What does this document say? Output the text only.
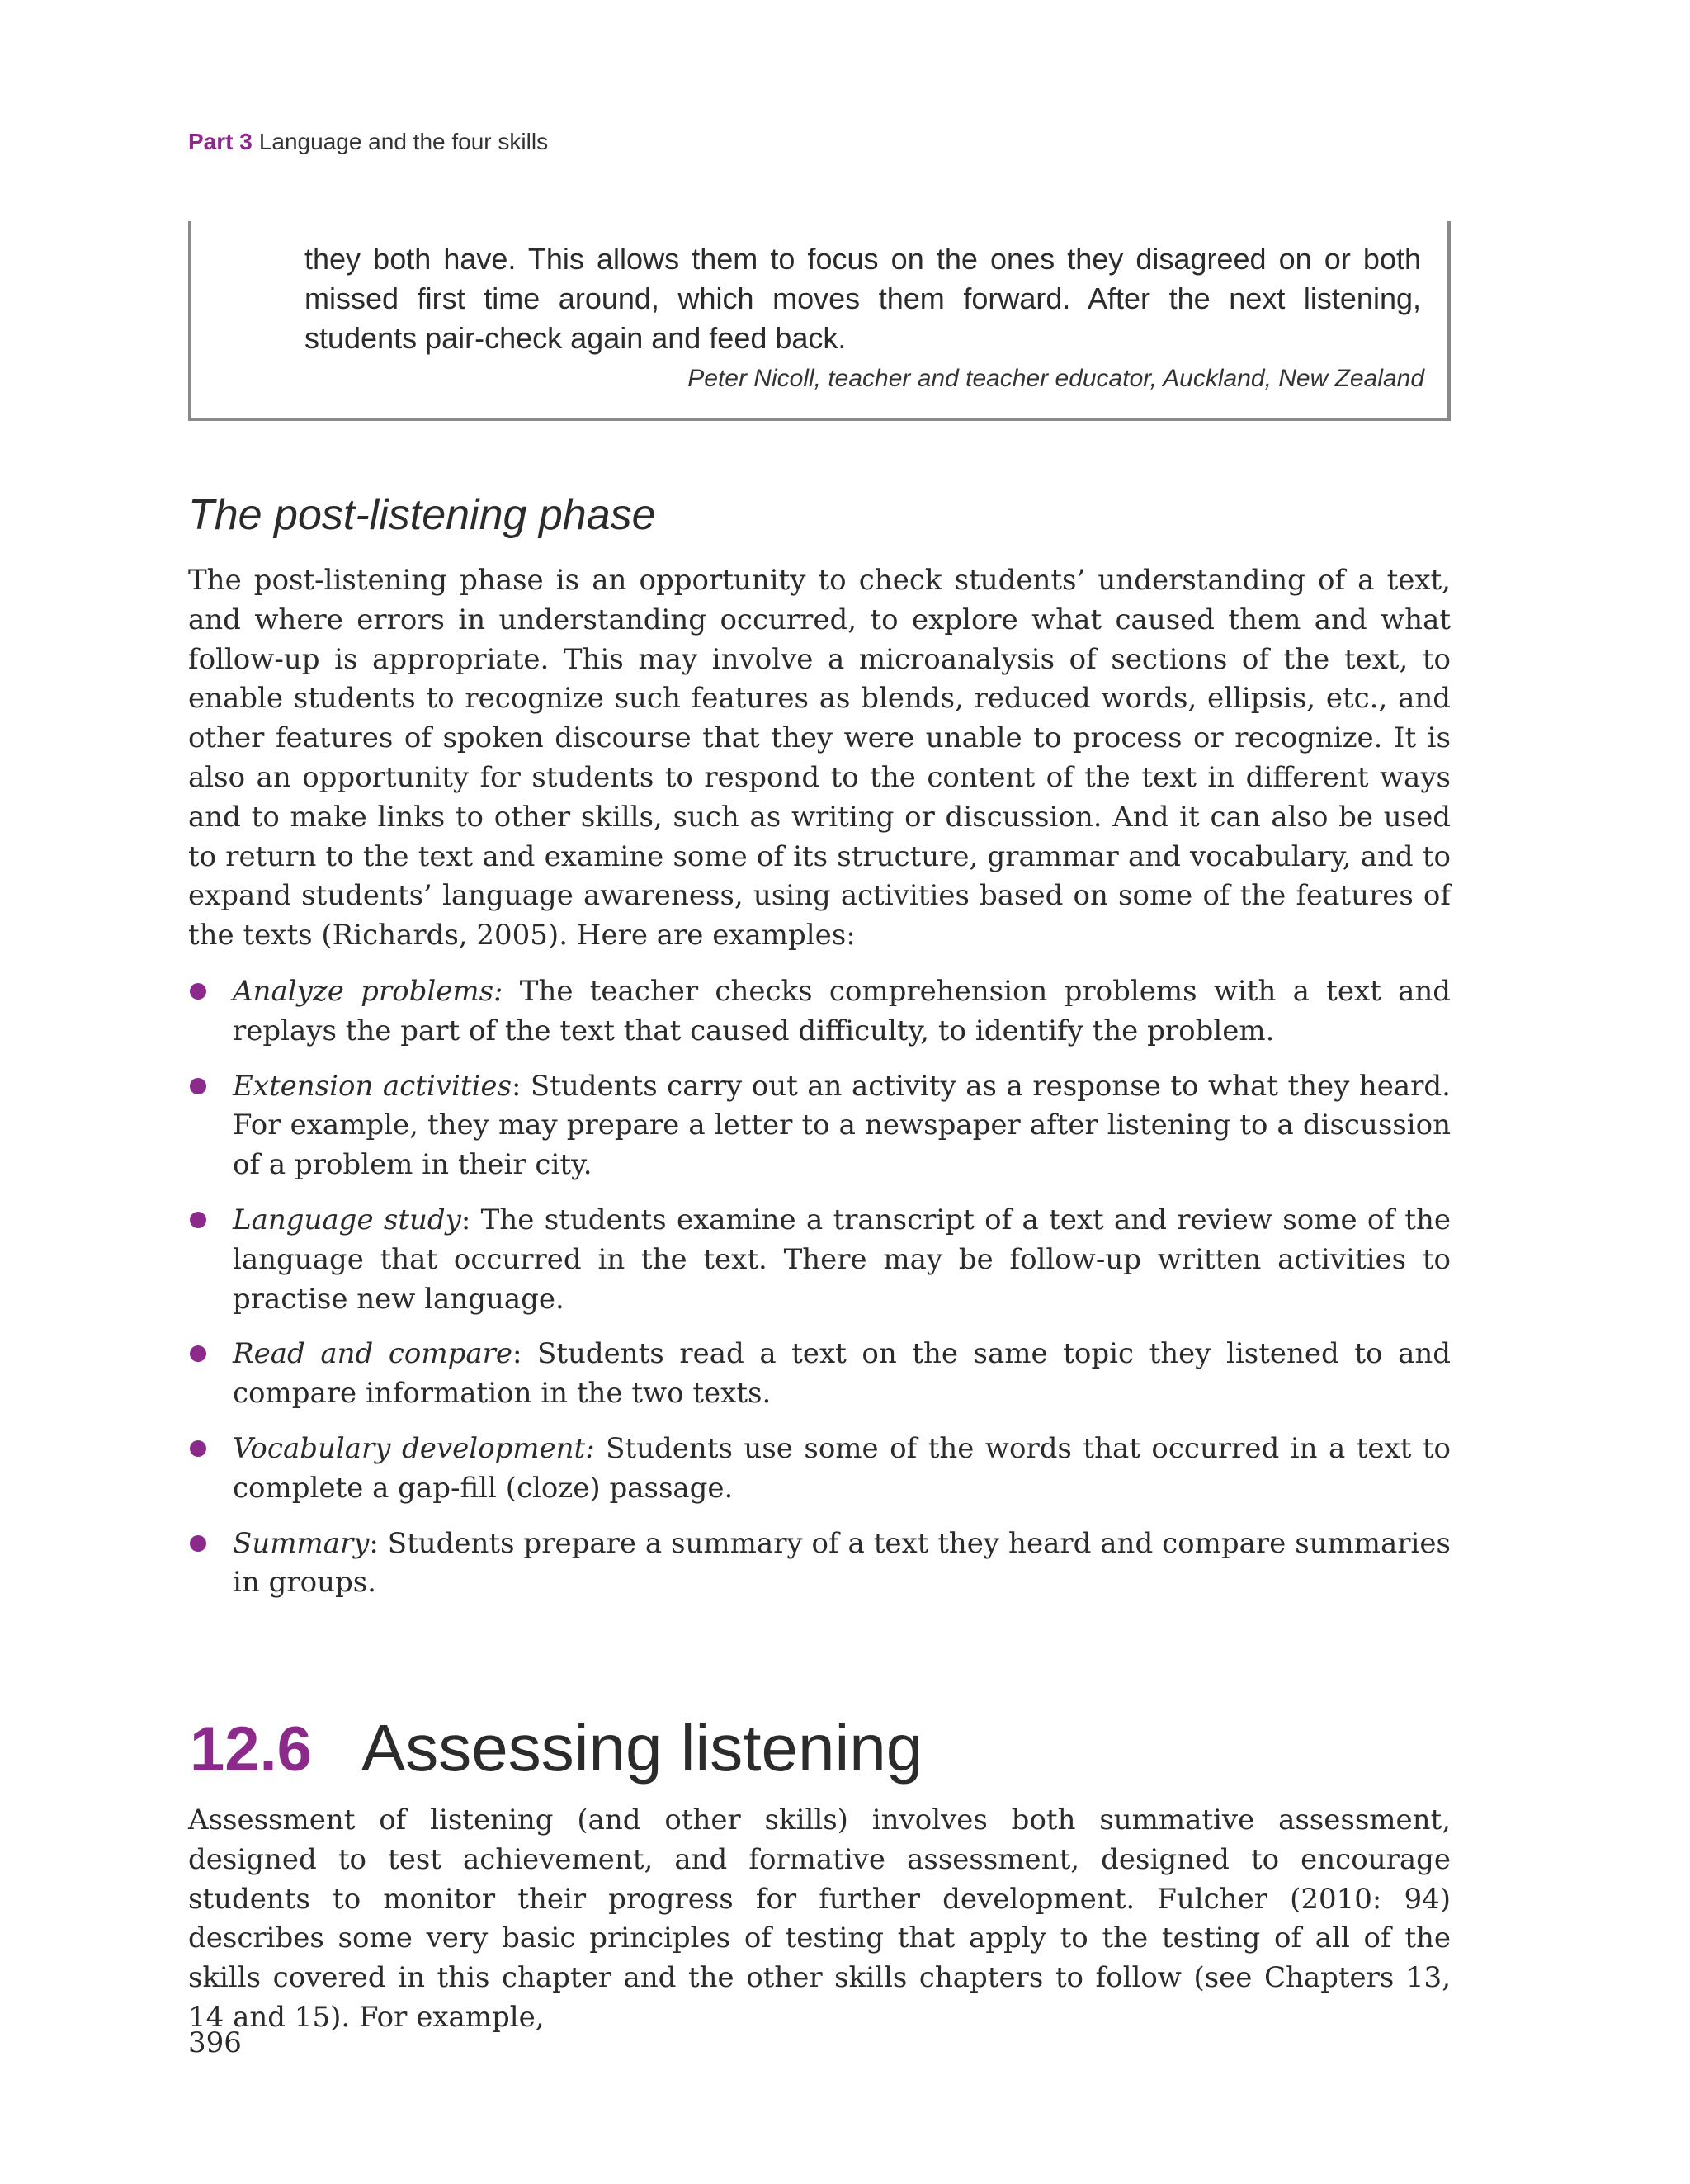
Part 3 Language and the four skills
they both have. This allows them to focus on the ones they disagreed on or both missed first time around, which moves them forward. After the next listening, students pair-check again and feed back.
Peter Nicoll, teacher and teacher educator, Auckland, New Zealand
The post-listening phase

The post-listening phase is an opportunity to check students’ understanding of a text, and where errors in understanding occurred, to explore what caused them and what follow-up is appropriate. This may involve a microanalysis of sections of the text, to enable students to recognize such features as blends, reduced words, ellipsis, etc., and other features of spoken discourse that they were unable to process or recognize. It is also an opportunity for students to respond to the content of the text in different ways and to make links to other skills, such as writing or discussion. And it can also be used to return to the text and examine some of its structure, grammar and vocabulary, and to expand students’ language awareness, using activities based on some of the features of the texts (Richards, 2005). Here are examples:

Analyze problems: The teacher checks comprehension problems with a text and replays the part of the text that caused difficulty, to identify the problem.
Extension activities: Students carry out an activity as a response to what they heard. For example, they may prepare a letter to a newspaper after listening to a discussion of a problem in their city.
Language study: The students examine a transcript of a text and review some of the language that occurred in the text. There may be follow-up written activities to practise new language.
Read and compare: Students read a text on the same topic they listened to and compare information in the two texts.
Vocabulary development: Students use some of the words that occurred in a text to complete a gap-fill (cloze) passage.
Summary: Students prepare a summary of a text they heard and compare summaries in groups.
12.6 Assessing listening

Assessment of listening (and other skills) involves both summative assessment, designed to test achievement, and formative assessment, designed to encourage students to monitor their progress for further development. Fulcher (2010: 94) describes some very basic principles of testing that apply to the testing of all of the skills covered in this chapter and the other skills chapters to follow (see Chapters 13, 14 and 15). For example,

396
